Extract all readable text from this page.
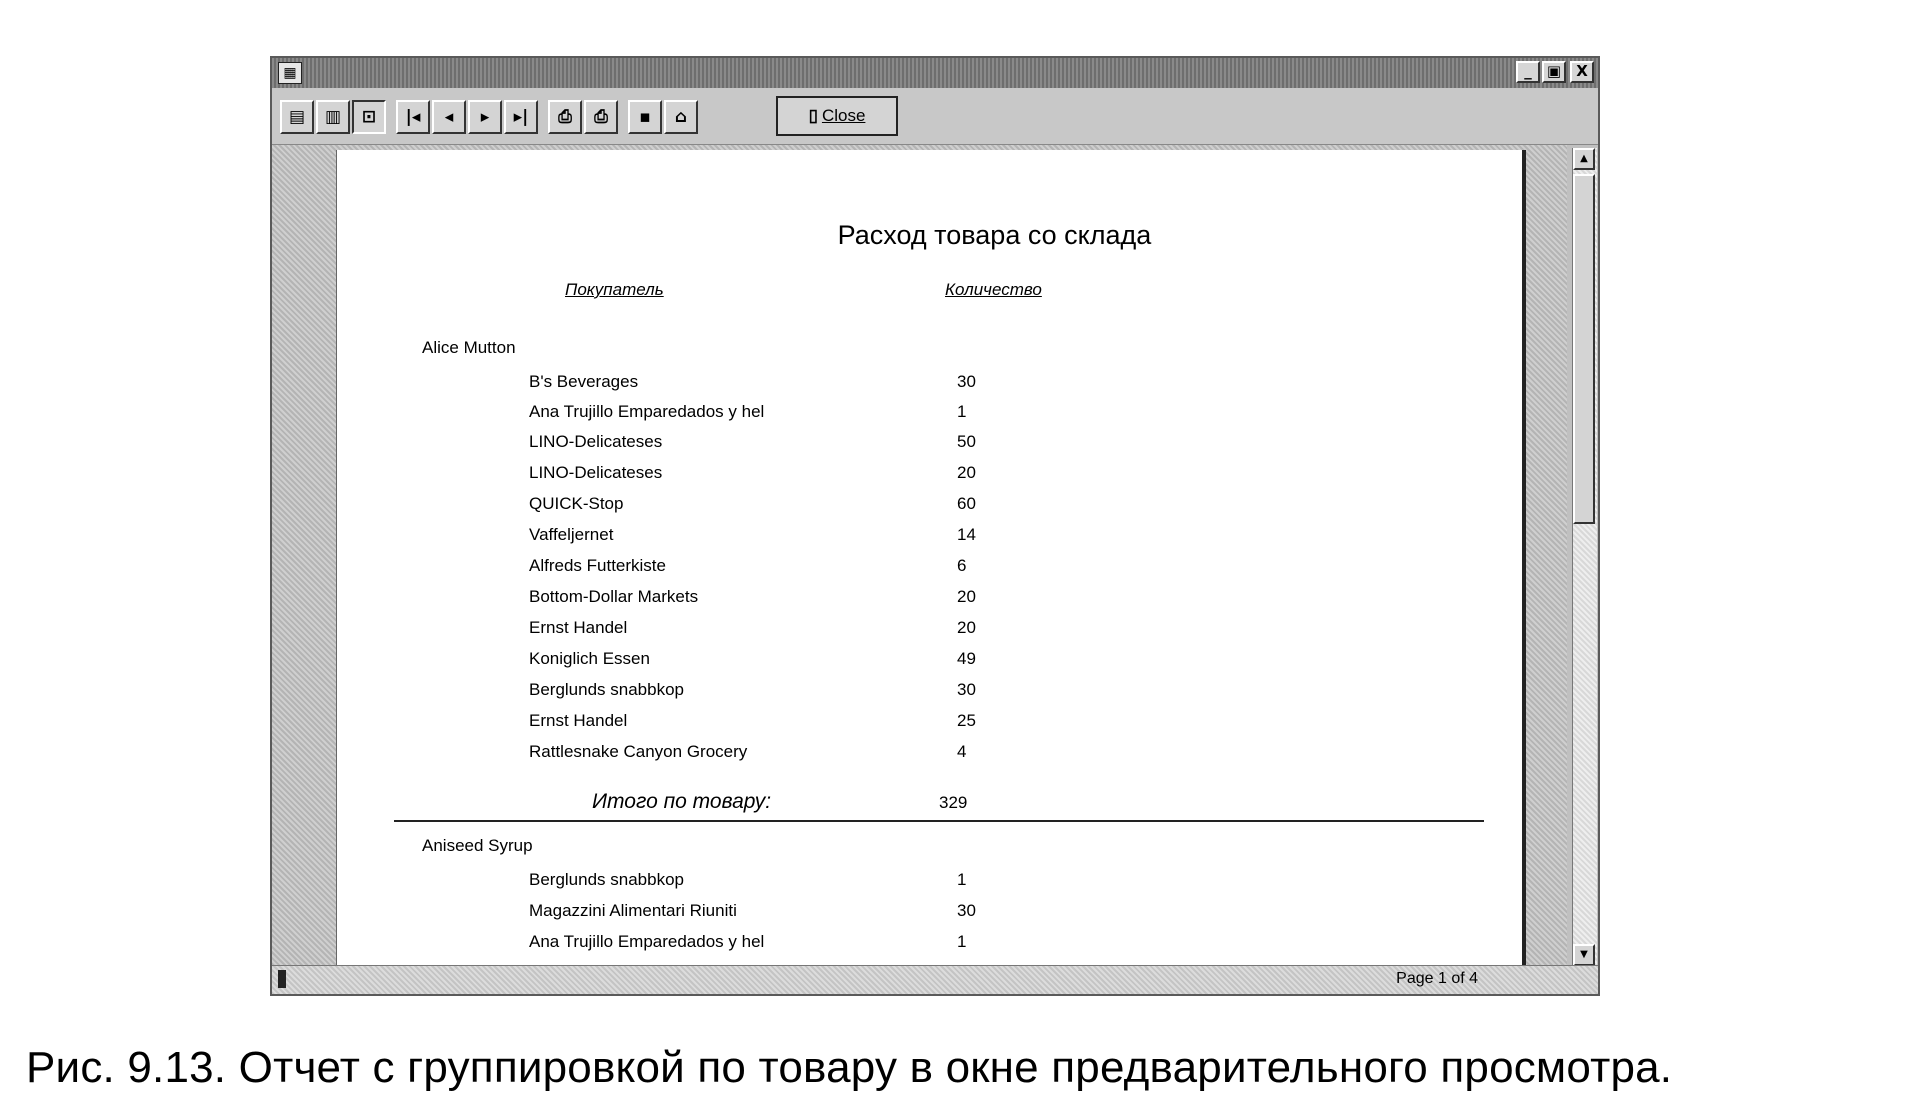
▦	_	▣	X
▤	▥	⊡	|◂	◂	▸	▸|	⎙	⎙	▪	⌂	▯ Close
Расход товара со склада
Покупатель	Количество
Alice Mutton
B's Beverages	30
Ana Trujillo Emparedados y hel	1
LINO-Delicateses	50
LINO-Delicateses	20
QUICK-Stop	60
Vaffeljernet	14
Alfreds Futterkiste	6
Bottom-Dollar Markets	20
Ernst Handel	20
Koniglich Essen	49
Berglunds snabbkop	30
Ernst Handel	25
Rattlesnake Canyon Grocery	4
Итого по товару:	329
Aniseed Syrup
Berglunds snabbkop	1
Magazzini Alimentari Riuniti	30
Ana Trujillo Emparedados y hel	1
▲
▼
Page 1 of 4
Рис. 9.13. Отчет с группировкой по товару в окне предварительного просмотра.
